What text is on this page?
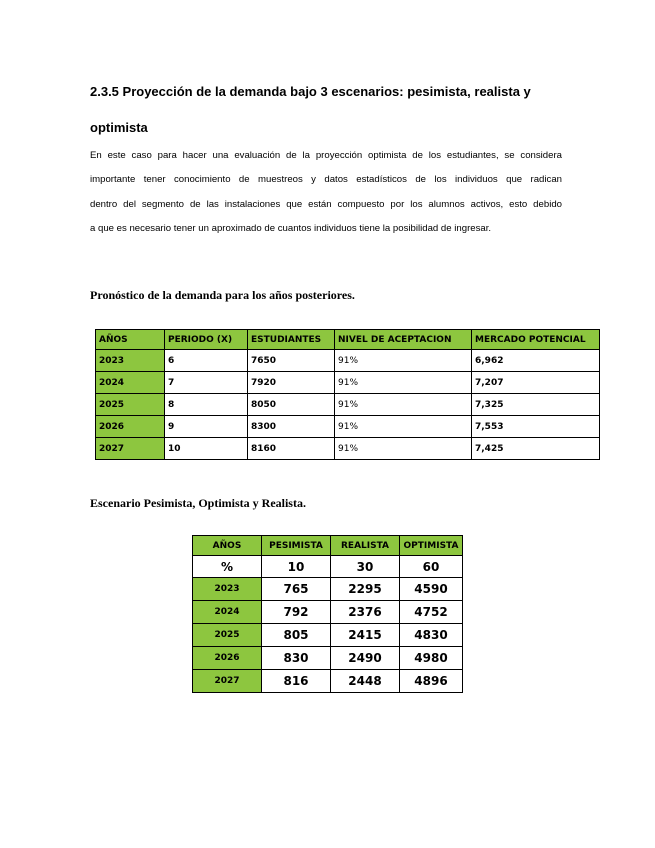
2.3.5 Proyección de la demanda bajo 3 escenarios: pesimista, realista y optimista
En este caso para hacer una evaluación de la proyección optimista de los estudiantes, se considera
importante tener conocimiento de muestreos y datos estadísticos de los individuos que radican
dentro del segmento de las instalaciones que están compuesto por los alumnos activos, esto debido
a que es necesario tener un aproximado de cuantos individuos tiene la posibilidad de ingresar.
Pronóstico de la demanda para los años posteriores.
AÑOS	PERIODO (X)	ESTUDIANTES	NIVEL DE ACEPTACION	MERCADO POTENCIAL
2023	6	7650	91%	6,962
2024	7	7920	91%	7,207
2025	8	8050	91%	7,325
2026	9	8300	91%	7,553
2027	10	8160	91%	7,425
Escenario Pesimista, Optimista y Realista.
AÑOS	PESIMISTA	REALISTA	OPTIMISTA
%	10	30	60
2023	765	2295	4590
2024	792	2376	4752
2025	805	2415	4830
2026	830	2490	4980
2027	816	2448	4896
